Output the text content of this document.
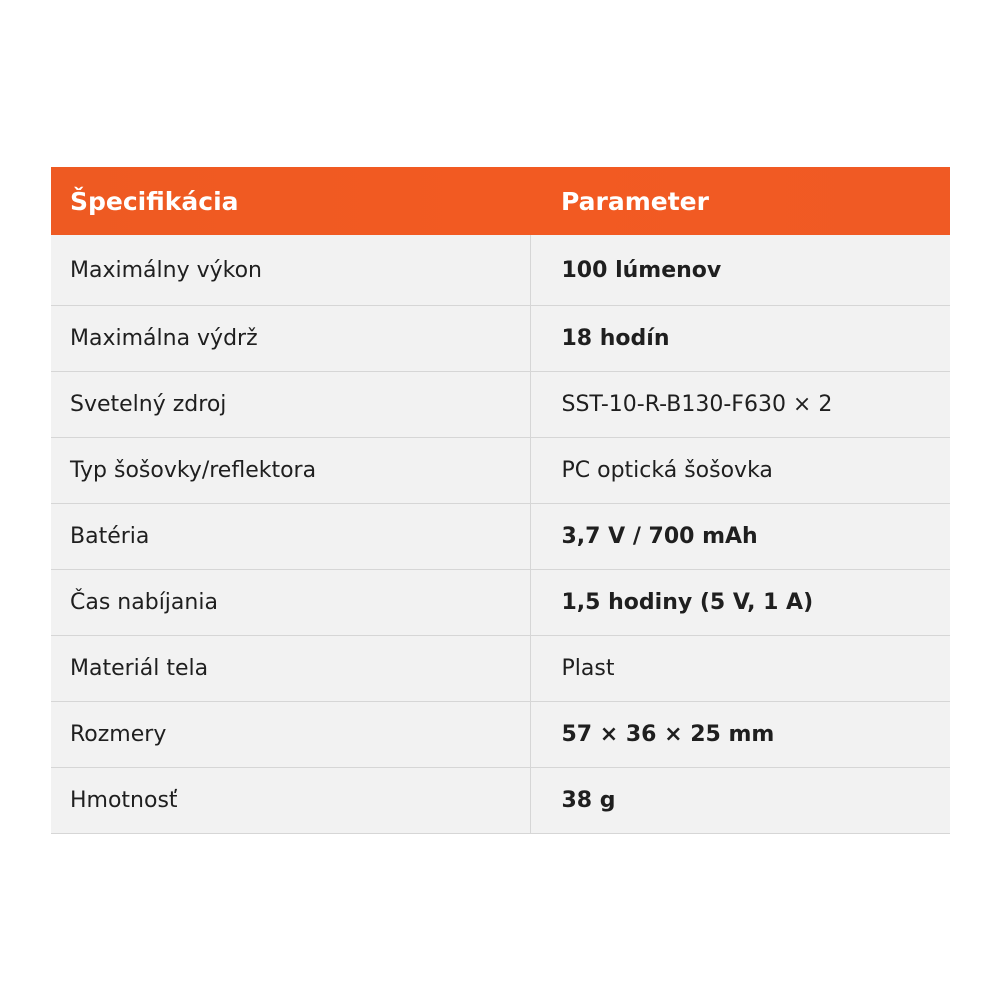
Špecifikácia	Parameter
Maximálny výkon	100 lúmenov
Maximálna výdrž	18 hodín
Svetelný zdroj	SST-10-R-B130-F630 × 2
Typ šošovky/reflektora	PC optická šošovka
Batéria	3,7 V / 700 mAh
Čas nabíjania	1,5 hodiny (5 V, 1 A)
Materiál tela	Plast
Rozmery	57 × 36 × 25 mm
Hmotnosť	38 g
